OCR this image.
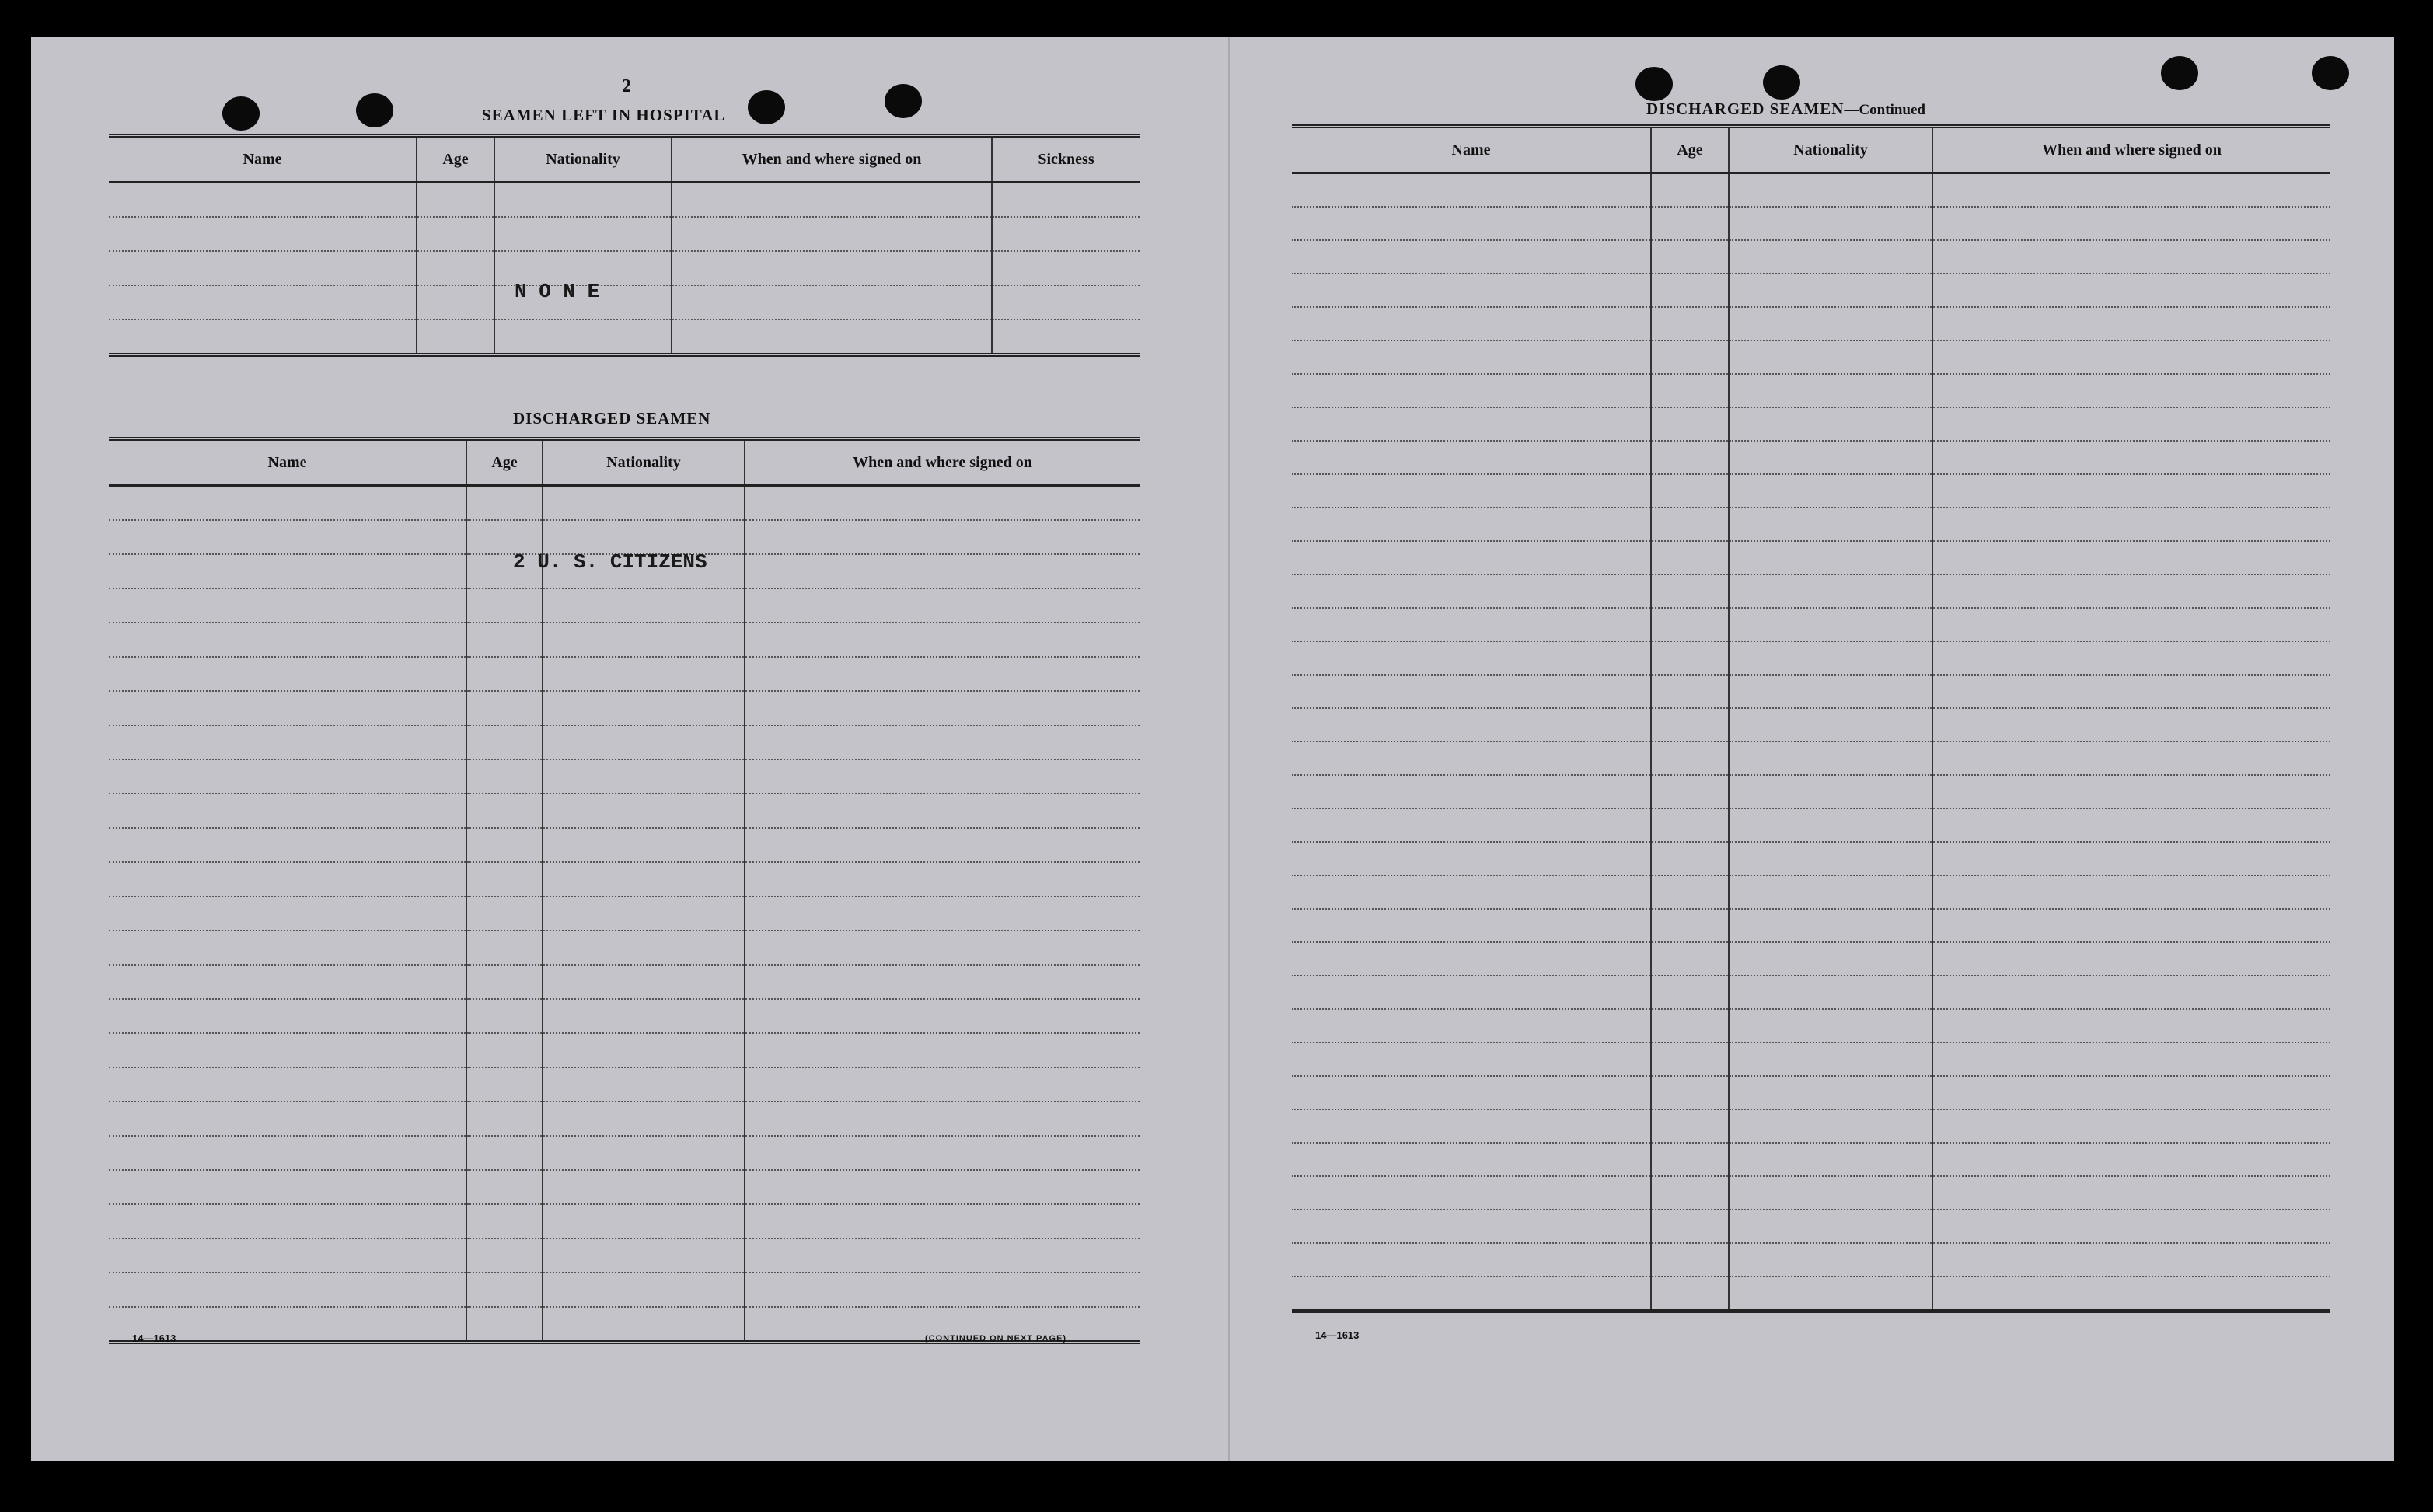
2
SEAMEN LEFT IN HOSPITAL
Name	Age	Nationality	When and where signed on	Sickness

N O N E
DISCHARGED SEAMEN
Name	Age	Nationality	When and where signed on

2 U. S. CITIZENS
14—1613	(CONTINUED ON NEXT PAGE)
DISCHARGED SEAMEN—Continued
Name	Age	Nationality	When and where signed on

14—1613
